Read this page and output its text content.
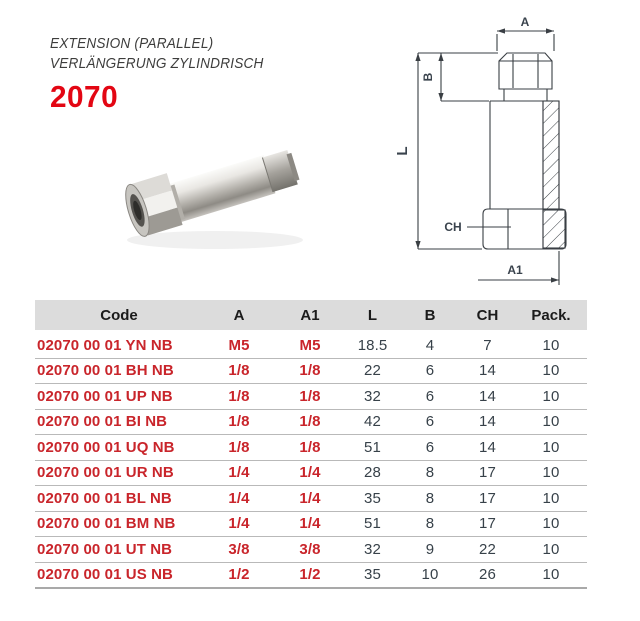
EXTENSION (PARALLEL)
VERLÄNGERUNG ZYLINDRISCH
2070
A
B
L
CH
A1
Code	A	A1	L	B	CH	Pack.
02070 00 01 YN NB	M5	M5	18.5	4	7	10
02070 00 01 BH NB	1/8	1/8	22	6	14	10
02070 00 01 UP NB	1/8	1/8	32	6	14	10
02070 00 01 BI NB	1/8	1/8	42	6	14	10
02070 00 01 UQ NB	1/8	1/8	51	6	14	10
02070 00 01 UR NB	1/4	1/4	28	8	17	10
02070 00 01 BL NB	1/4	1/4	35	8	17	10
02070 00 01 BM NB	1/4	1/4	51	8	17	10
02070 00 01 UT NB	3/8	3/8	32	9	22	10
02070 00 01 US NB	1/2	1/2	35	10	26	10
